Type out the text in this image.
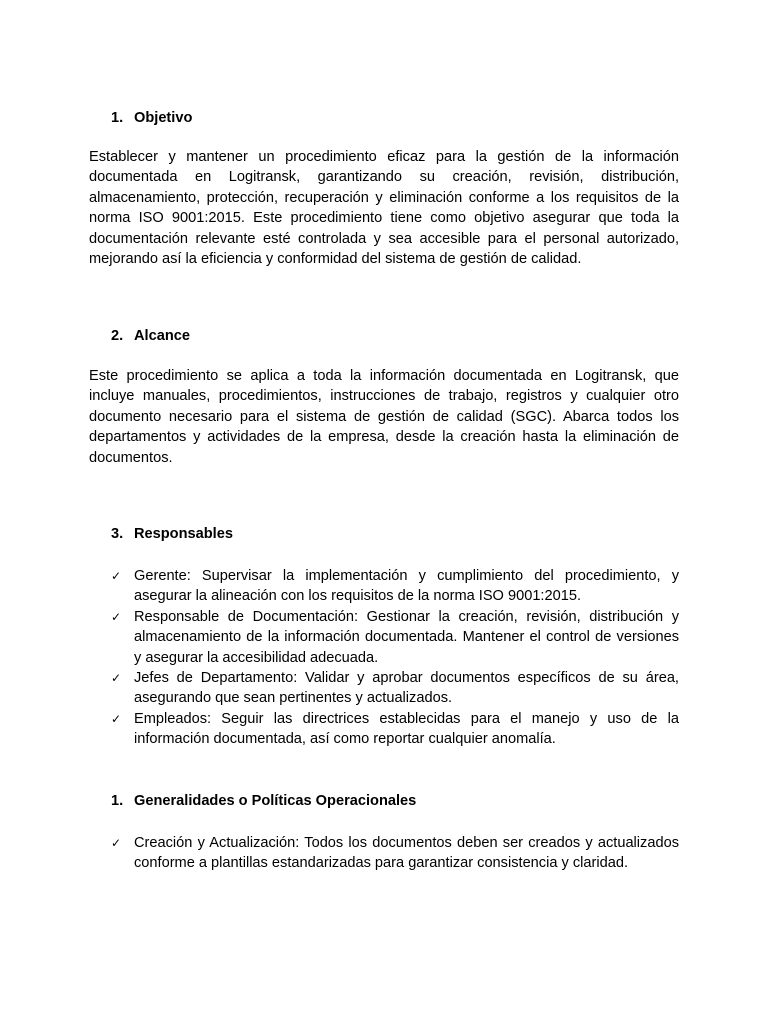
1. Objetivo
Establecer y mantener un procedimiento eficaz para la gestión de la información documentada en Logitransk, garantizando su creación, revisión, distribución, almacenamiento, protección, recuperación y eliminación conforme a los requisitos de la norma ISO 9001:2015. Este procedimiento tiene como objetivo asegurar que toda la documentación relevante esté controlada y sea accesible para el personal autorizado, mejorando así la eficiencia y conformidad del sistema de gestión de calidad.
2. Alcance
Este procedimiento se aplica a toda la información documentada en Logitransk, que incluye manuales, procedimientos, instrucciones de trabajo, registros y cualquier otro documento necesario para el sistema de gestión de calidad (SGC). Abarca todos los departamentos y actividades de la empresa, desde la creación hasta la eliminación de documentos.
3. Responsables
✓ Gerente: Supervisar la implementación y cumplimiento del procedimiento, y asegurar la alineación con los requisitos de la norma ISO 9001:2015.
✓ Responsable de Documentación: Gestionar la creación, revisión, distribución y almacenamiento de la información documentada. Mantener el control de versiones y asegurar la accesibilidad adecuada.
✓ Jefes de Departamento: Validar y aprobar documentos específicos de su área, asegurando que sean pertinentes y actualizados.
✓ Empleados: Seguir las directrices establecidas para el manejo y uso de la información documentada, así como reportar cualquier anomalía.
1. Generalidades o Políticas Operacionales
✓ Creación y Actualización: Todos los documentos deben ser creados y actualizados conforme a plantillas estandarizadas para garantizar consistencia y claridad.
